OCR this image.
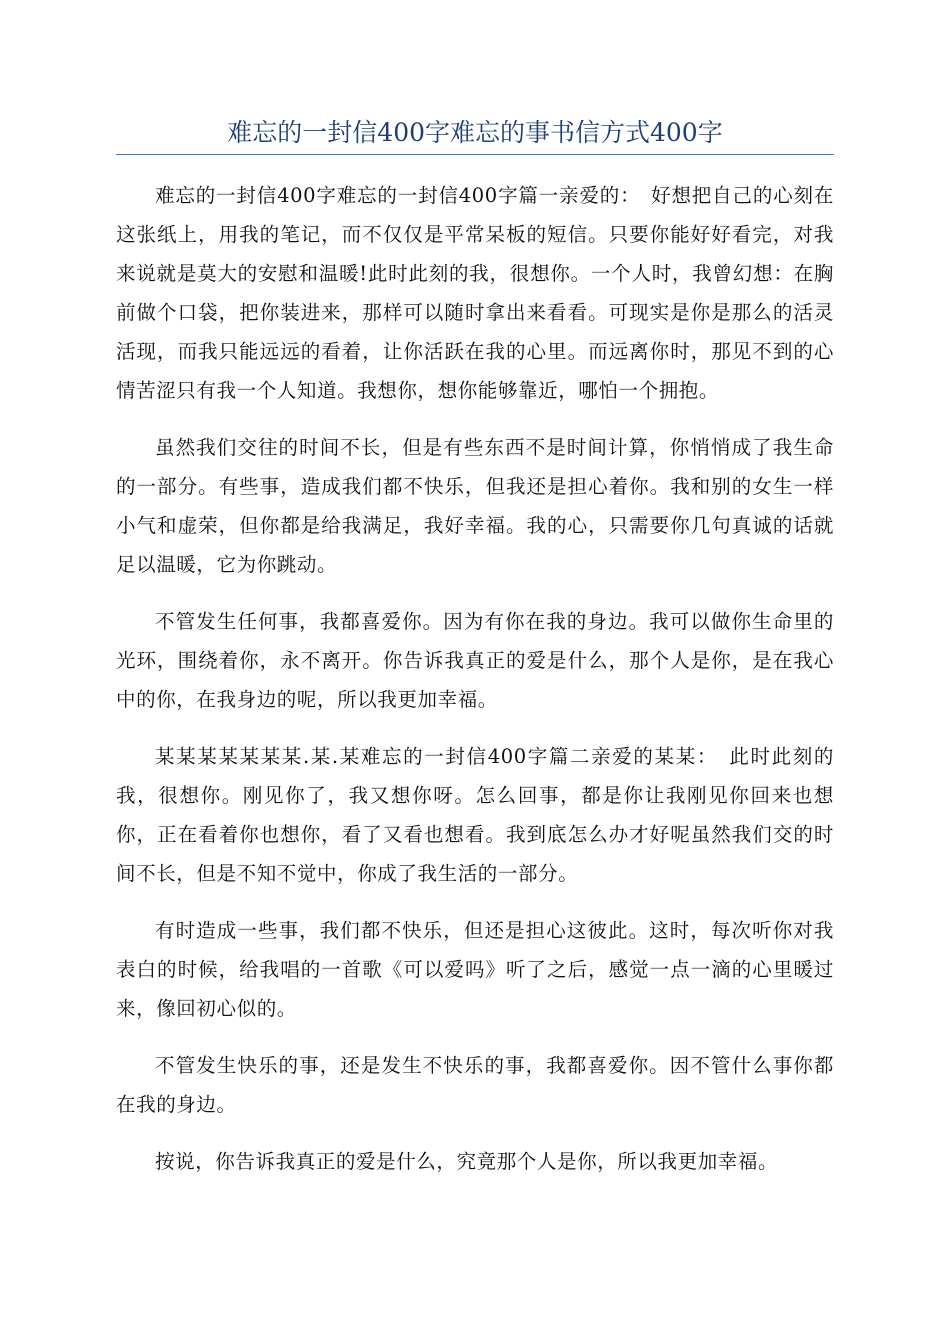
难忘的一封信400字难忘的事书信方式400字

难忘的一封信400字难忘的一封信400字篇一亲爱的：　好想把自己的心刻在这张纸上，用我的笔记，而不仅仅是平常呆板的短信。只要你能好好看完，对我来说就是莫大的安慰和温暖!此时此刻的我，很想你。一个人时，我曾幻想：在胸前做个口袋，把你装进来，那样可以随时拿出来看看。可现实是你是那么的活灵活现，而我只能远远的看着，让你活跃在我的心里。而远离你时，那见不到的心情苦涩只有我一个人知道。我想你，想你能够靠近，哪怕一个拥抱。

虽然我们交往的时间不长，但是有些东西不是时间计算，你悄悄成了我生命的一部分。有些事，造成我们都不快乐，但我还是担心着你。我和别的女生一样小气和虚荣，但你都是给我满足，我好幸福。我的心，只需要你几句真诚的话就足以温暖，它为你跳动。

不管发生任何事，我都喜爱你。因为有你在我的身边。我可以做你生命里的光环，围绕着你，永不离开。你告诉我真正的爱是什么，那个人是你，是在我心中的你，在我身边的呢，所以我更加幸福。

某某某某某某某.某.某难忘的一封信400字篇二亲爱的某某：　此时此刻的我，很想你。刚见你了，我又想你呀。怎么回事，都是你让我刚见你回来也想你，正在看着你也想你，看了又看也想看。我到底怎么办才好呢虽然我们交的时间不长，但是不知不觉中，你成了我生活的一部分。

有时造成一些事，我们都不快乐，但还是担心这彼此。这时，每次听你对我表白的时候，给我唱的一首歌《可以爱吗》听了之后，感觉一点一滴的心里暖过来，像回初心似的。

不管发生快乐的事，还是发生不快乐的事，我都喜爱你。因不管什么事你都在我的身边。

按说，你告诉我真正的爱是什么，究竟那个人是你，所以我更加幸福。
